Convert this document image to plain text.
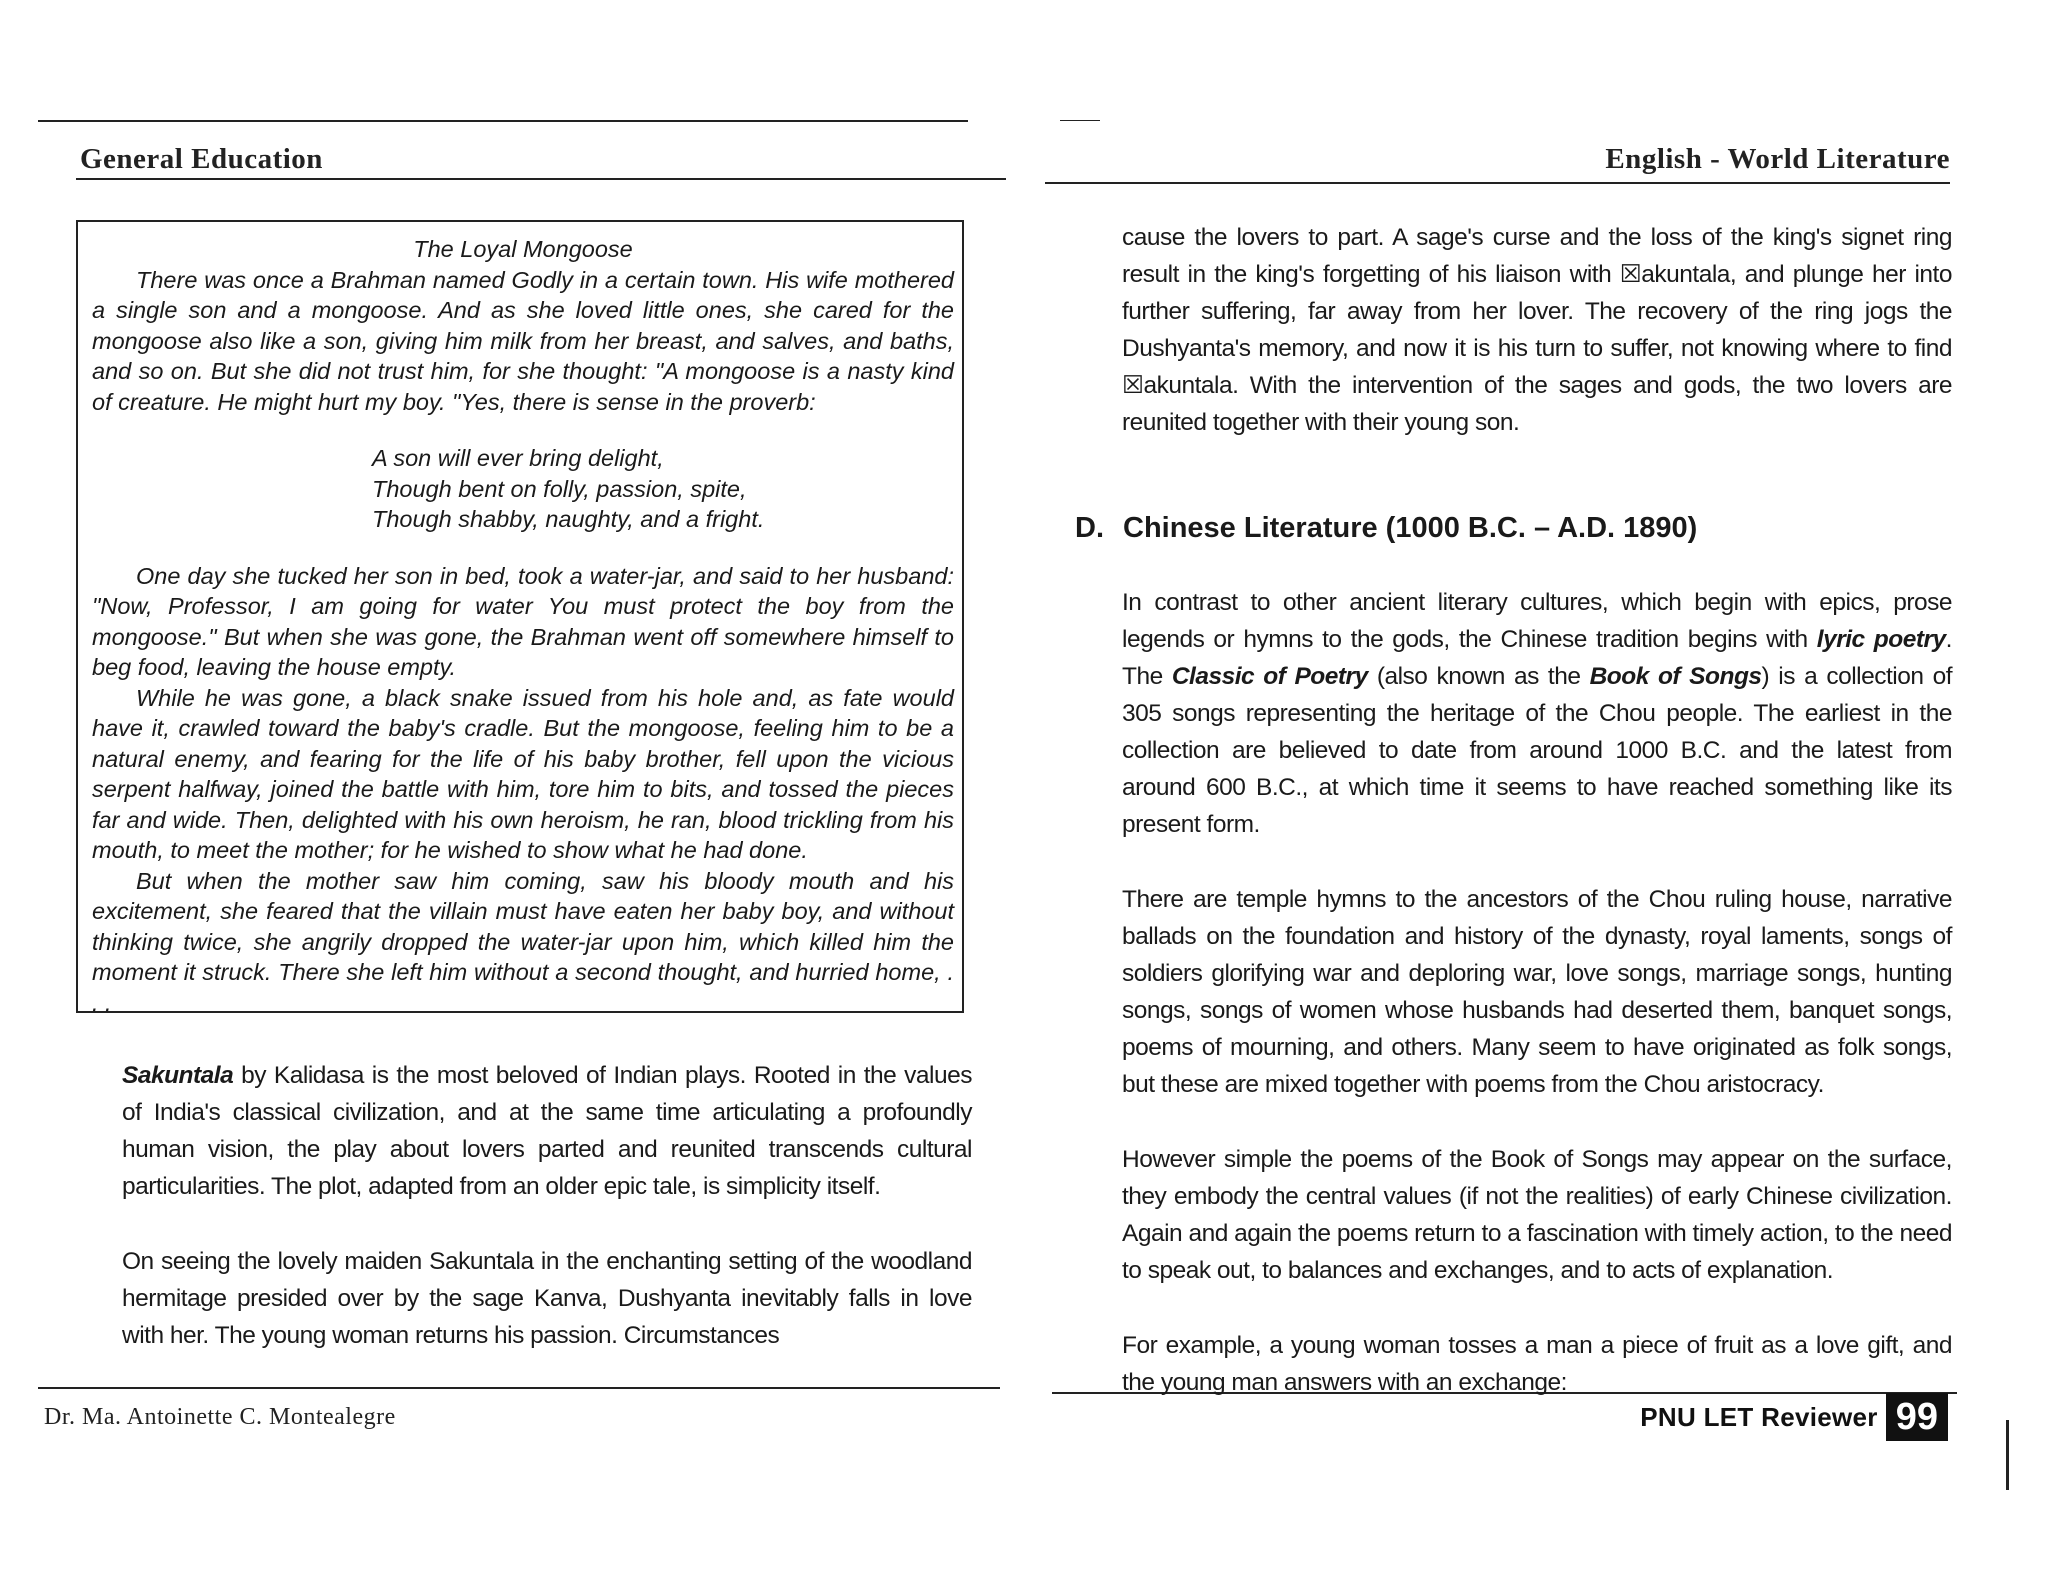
General Education	English - World Literature

The Loyal Mongoose

There was once a Brahman named Godly in a certain town. His wife mothered a single son and a mongoose. And as she loved little ones, she cared for the mongoose also like a son, giving him milk from her breast, and salves, and baths, and so on. But she did not trust him, for she thought: "A mongoose is a nasty kind of creature. He might hurt my boy. "Yes, there is sense in the proverb:

A son will ever bring delight,
Though bent on folly, passion, spite,
Though shabby, naughty, and a fright.

One day she tucked her son in bed, took a water-jar, and said to her husband: "Now, Professor, I am going for water You must protect the boy from the mongoose." But when she was gone, the Brahman went off somewhere himself to beg food, leaving the house empty.

While he was gone, a black snake issued from his hole and, as fate would have it, crawled toward the baby's cradle. But the mongoose, feeling him to be a natural enemy, and fearing for the life of his baby brother, fell upon the vicious serpent halfway, joined the battle with him, tore him to bits, and tossed the pieces far and wide. Then, delighted with his own heroism, he ran, blood trickling from his mouth, to meet the mother; for he wished to show what he had done.

But when the mother saw him coming, saw his bloody mouth and his excitement, she feared that the villain must have eaten her baby boy, and without thinking twice, she angrily dropped the water-jar upon him, which killed him the moment it struck. There she left him without a second thought, and hurried home, . . .

Sakuntala by Kalidasa is the most beloved of Indian plays. Rooted in the values of India's classical civilization, and at the same time articulating a profoundly human vision, the play about lovers parted and reunited transcends cultural particularities. The plot, adapted from an older epic tale, is simplicity itself.

On seeing the lovely maiden Sakuntala in the enchanting setting of the woodland hermitage presided over by the sage Kanva, Dushyanta inevitably falls in love with her. The young woman returns his passion. Circumstances

cause the lovers to part. A sage's curse and the loss of the king's signet ring result in the king's forgetting of his liaison with ☒akuntala, and plunge her into further suffering, far away from her lover. The recovery of the ring jogs the Dushyanta's memory, and now it is his turn to suffer, not knowing where to find ☒akuntala. With the intervention of the sages and gods, the two lovers are reunited together with their young son.

D. Chinese Literature (1000 B.C. – A.D. 1890)

In contrast to other ancient literary cultures, which begin with epics, prose legends or hymns to the gods, the Chinese tradition begins with lyric poetry. The Classic of Poetry (also known as the Book of Songs) is a collection of 305 songs representing the heritage of the Chou people. The earliest in the collection are believed to date from around 1000 B.C. and the latest from around 600 B.C., at which time it seems to have reached something like its present form.

There are temple hymns to the ancestors of the Chou ruling house, narrative ballads on the foundation and history of the dynasty, royal laments, songs of soldiers glorifying war and deploring war, love songs, marriage songs, hunting songs, songs of women whose husbands had deserted them, banquet songs, poems of mourning, and others. Many seem to have originated as folk songs, but these are mixed together with poems from the Chou aristocracy.

However simple the poems of the Book of Songs may appear on the surface, they embody the central values (if not the realities) of early Chinese civilization. Again and again the poems return to a fascination with timely action, to the need to speak out, to balances and exchanges, and to acts of explanation.

For example, a young woman tosses a man a piece of fruit as a love gift, and the young man answers with an exchange:

Dr. Ma. Antoinette C. Montealegre	PNU LET Reviewer 99
